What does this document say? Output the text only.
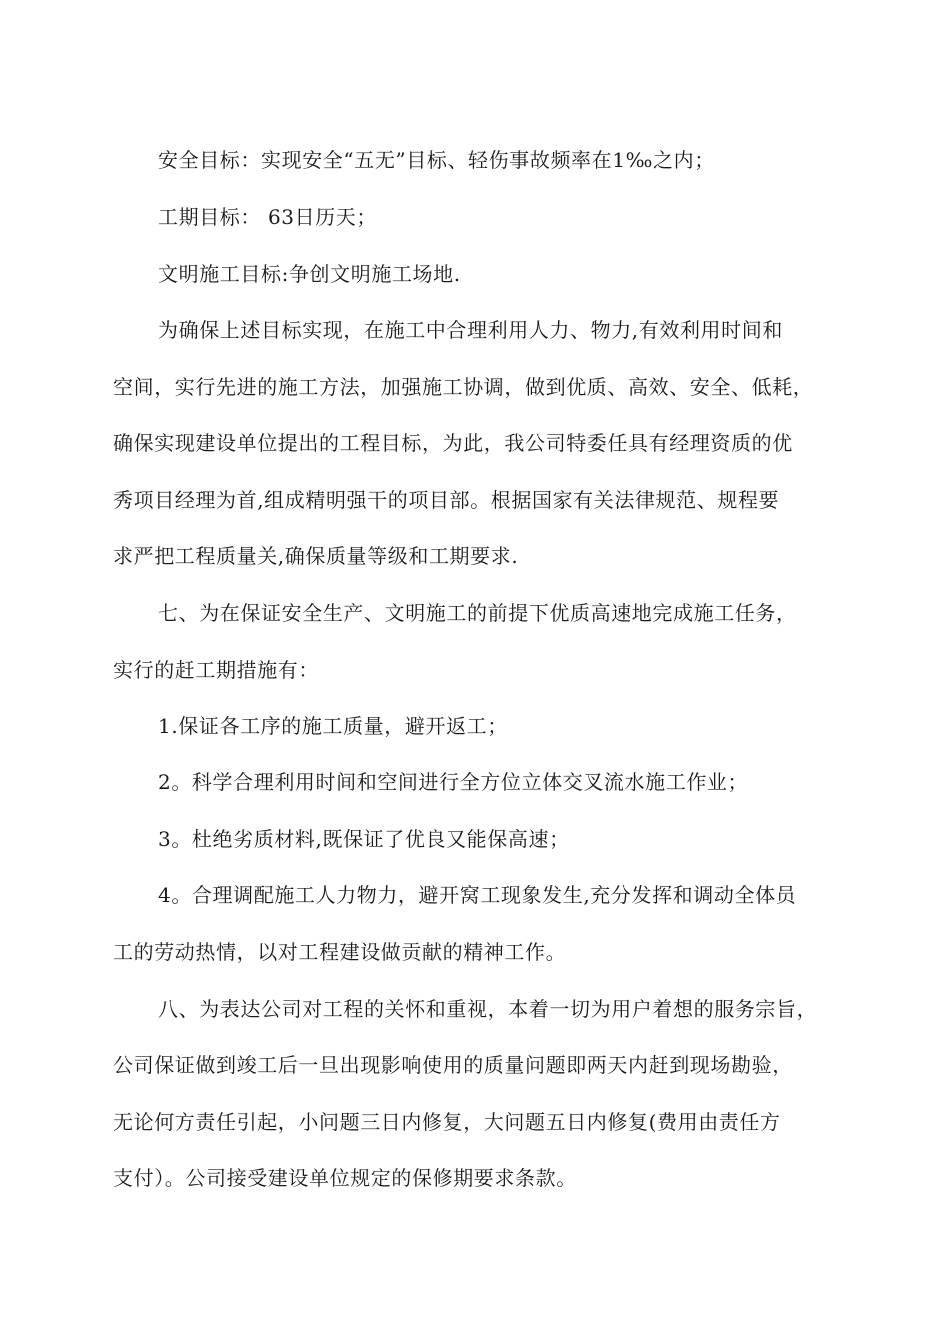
安全目标：实现安全“五无”目标、轻伤事故频率在1‰之内；
工期目标： 63日历天；
文明施工目标:争创文明施工场地.
为确保上述目标实现，在施工中合理利用人力、物力,有效利用时间和
空间，实行先进的施工方法，加强施工协调，做到优质、高效、安全、低耗，
确保实现建设单位提出的工程目标，为此，我公司特委任具有经理资质的优
秀项目经理为首,组成精明强干的项目部。根据国家有关法律规范、规程要
求严把工程质量关,确保质量等级和工期要求.
七、为在保证安全生产、文明施工的前提下优质高速地完成施工任务，
实行的赶工期措施有：
1.保证各工序的施工质量，避开返工；
2。科学合理利用时间和空间进行全方位立体交叉流水施工作业；
3。杜绝劣质材料,既保证了优良又能保高速；
4。合理调配施工人力物力，避开窝工现象发生,充分发挥和调动全体员
工的劳动热情，以对工程建设做贡献的精神工作。
八、为表达公司对工程的关怀和重视，本着一切为用户着想的服务宗旨，
公司保证做到竣工后一旦出现影响使用的质量问题即两天内赶到现场勘验，
无论何方责任引起，小问题三日内修复，大问题五日内修复(费用由责任方
支付）。公司接受建设单位规定的保修期要求条款。
